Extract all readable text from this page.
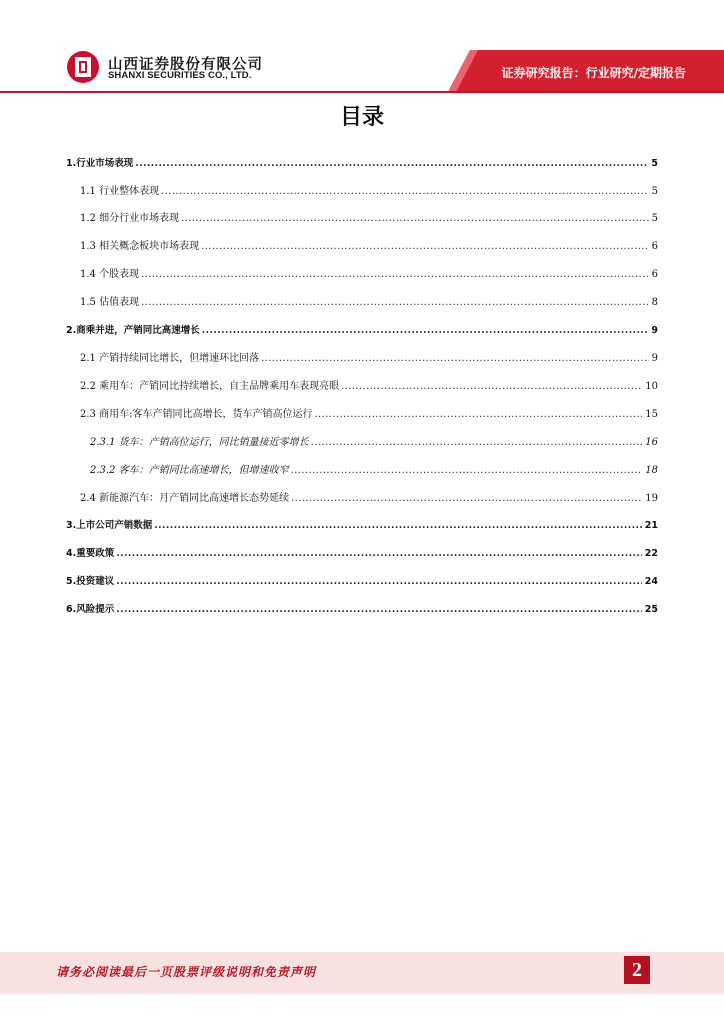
山西证券股份有限公司
SHANXI SECURITIES CO., LTD.	证券研究报告：行业研究/定期报告
目录
1.行业市场表现 .....	5
1.1 行业整体表现 .....	5
1.2 细分行业市场表现 .....	5
1.3 相关概念板块市场表现 .....	6
1.4 个股表现 .....	6
1.5 估值表现 .....	8
2.商乘并进，产销同比高速增长 .....	9
2.1 产销持续同比增长，但增速环比回落 .....	9
2.2 乘用车：产销同比持续增长，自主品牌乘用车表现亮眼 .....	10
2.3 商用车:客车产销同比高增长，货车产销高位运行 .....	15
2.3.1 货车：产销高位运行，同比销量接近零增长 .....	16
2.3.2 客车：产销同比高速增长，但增速收窄 .....	18
2.4 新能源汽车：月产销同比高速增长态势延续 .....	19
3.上市公司产销数据 .....	21
4.重要政策 .....	22
5.投资建议 .....	24
6.风险提示 .....	25
请务必阅读最后一页股票评级说明和免责声明	2
